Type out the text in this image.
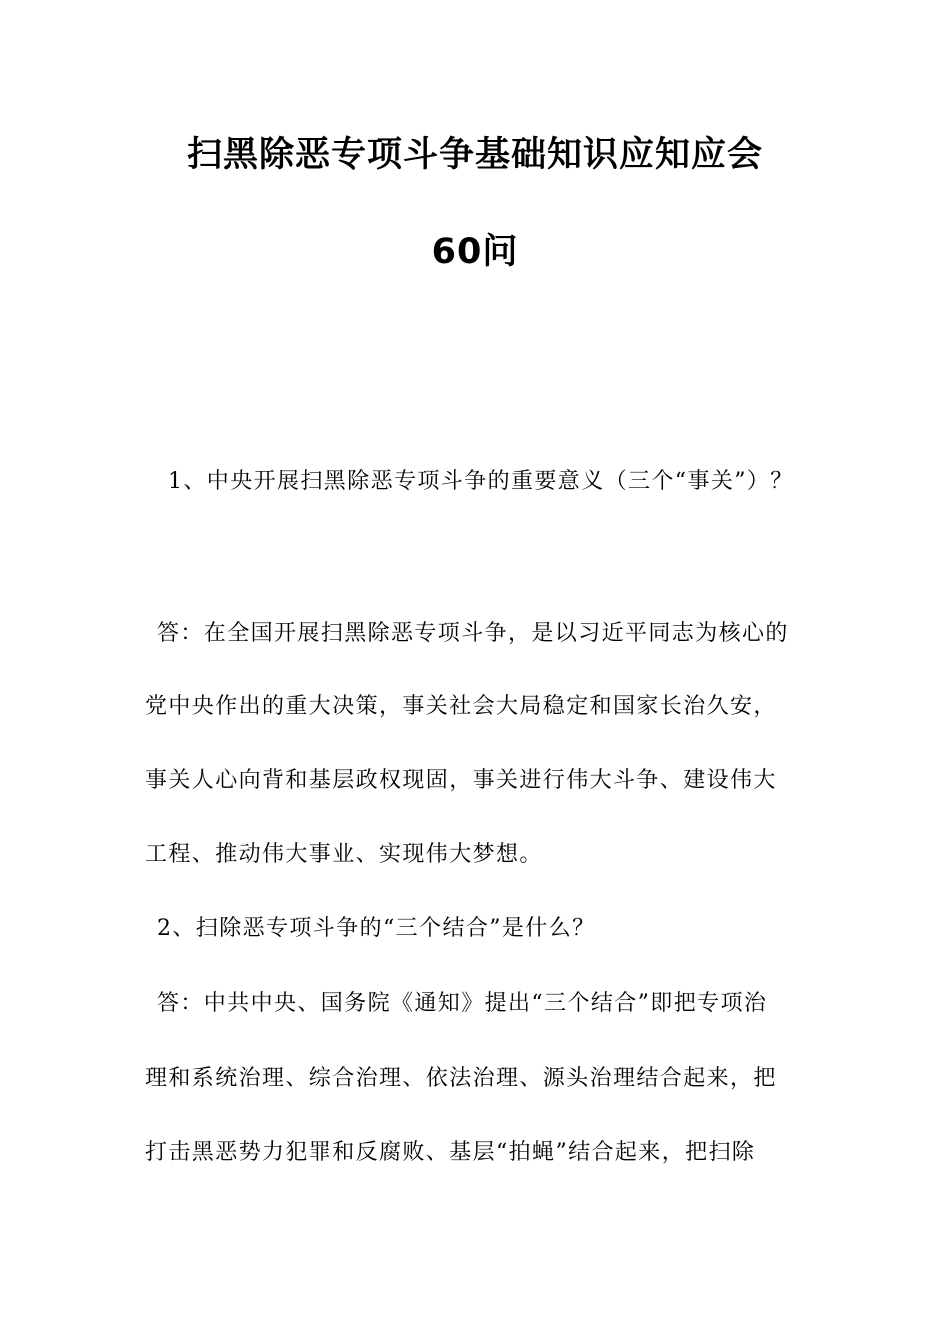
扫黑除恶专项斗争基础知识应知应会
60问
1、中央开展扫黑除恶专项斗争的重要意义（三个“事关”）？
答：在全国开展扫黑除恶专项斗争，是以习近平同志为核心的
党中央作出的重大决策，事关社会大局稳定和国家长治久安，
事关人心向背和基层政权现固，事关进行伟大斗争、建设伟大
工程、推动伟大事业、实现伟大梦想。
2、扫除恶专项斗争的“三个结合”是什么？
答：中共中央、国务院《通知》提出“三个结合”即把专项治
理和系统治理、综合治理、依法治理、源头治理结合起来，把
打击黑恶势力犯罪和反腐败、基层“拍蝇”结合起来，把扫除
